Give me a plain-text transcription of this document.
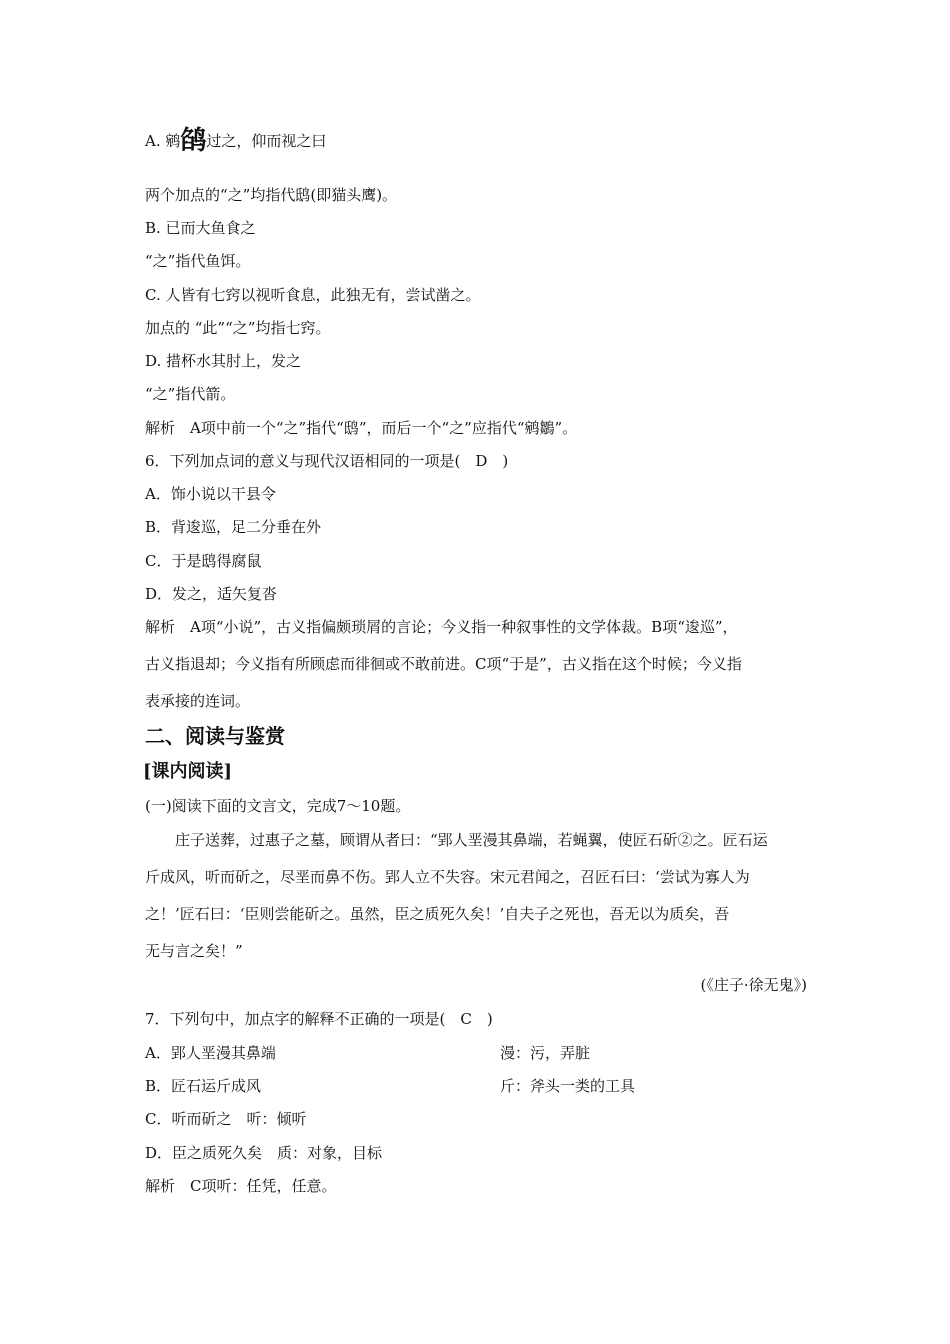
A. 鹓鹐过之，仰而视之曰
两个加点的“之”均指代鸱(即猫头鹰)。
B. 已而大鱼食之
“之”指代鱼饵。
C. 人皆有七窍以视听食息，此独无有，尝试凿之。
加点的 “此”“之”均指七窍。
D. 措杯水其肘上，发之
“之”指代箭。
解析　A项中前一个“之”指代“鸱”，而后一个“之”应指代“鹓鶵”。
6．下列加点词的意义与现代汉语相同的一项是(　D　)
A．饰小说以干县令
B．背逡巡，足二分垂在外
C．于是鸱得腐鼠
D．发之，适矢复沓
解析　A项“小说”，古义指偏颇琐屑的言论；今义指一种叙事性的文学体裁。B项“逡巡”，
古义指退却；今义指有所顾虑而徘徊或不敢前进。C项“于是”，古义指在这个时候；今义指
表承接的连词。
二、阅读与鉴赏
[课内阅读]
(一)阅读下面的文言文，完成7～10题。
庄子送葬，过惠子之墓，顾谓从者曰：“郢人垩漫其鼻端，若蝇翼，使匠石斫②之。匠石运
斤成风，听而斫之，尽垩而鼻不伤。郢人立不失容。宋元君闻之，召匠石曰：‘尝试为寡人为
之！’匠石曰：‘臣则尝能斫之。虽然，臣之质死久矣！’自夫子之死也，吾无以为质矣，吾
无与言之矣！”
(《庄子·徐无鬼》)
7．下列句中，加点字的解释不正确的一项是(　C　)
A．郢人垩漫其鼻端	漫：污，弄脏
B．匠石运斤成风	斤：斧头一类的工具
C．听而斫之　听：倾听
D．臣之质死久矣　质：对象，目标
解析　C项听：任凭，任意。
